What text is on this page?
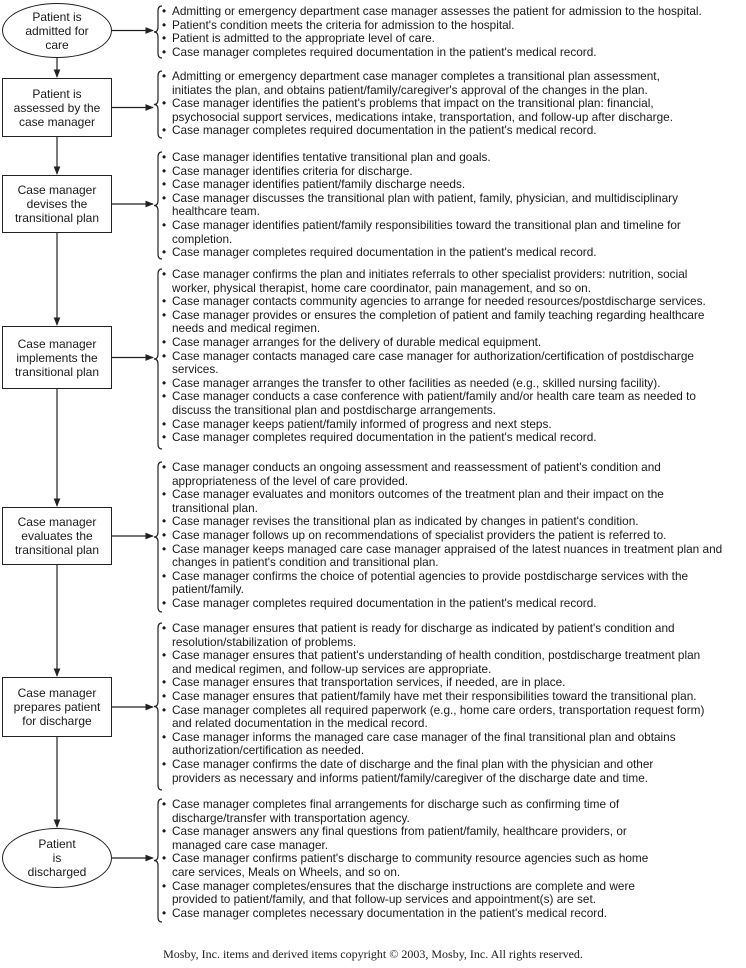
Patient is
admitted for
care
• Admitting or emergency department case manager assesses the patient for admission to the hospital.
• Patient's condition meets the criteria for admission to the hospital.
• Patient is admitted to the appropriate level of care.
• Case manager completes required documentation in the patient's medical record.
Patient is
assessed by the
case manager
• Admitting or emergency department case manager completes a transitional plan assessment,
initiates the plan, and obtains patient/family/caregiver's approval of the changes in the plan.
• Case manager identifies the patient's problems that impact on the transitional plan: financial,
psychosocial support services, medications intake, transportation, and follow-up after discharge.
• Case manager completes required documentation in the patient's medical record.
Case manager
devises the
transitional plan
• Case manager identifies tentative transitional plan and goals.
• Case manager identifies criteria for discharge.
• Case manager identifies patient/family discharge needs.
• Case manager discusses the transitional plan with patient, family, physician, and multidisciplinary
healthcare team.
• Case manager identifies patient/family responsibilities toward the transitional plan and timeline for
completion.
• Case manager completes required documentation in the patient's medical record.
Case manager
implements the
transitional plan
• Case manager confirms the plan and initiates referrals to other specialist providers: nutrition, social
worker, physical therapist, home care coordinator, pain management, and so on.
• Case manager contacts community agencies to arrange for needed resources/postdischarge services.
• Case manager provides or ensures the completion of patient and family teaching regarding healthcare
needs and medical regimen.
• Case manager arranges for the delivery of durable medical equipment.
• Case manager contacts managed care case manager for authorization/certification of postdischarge
services.
• Case manager arranges the transfer to other facilities as needed (e.g., skilled nursing facility).
• Case manager conducts a case conference with patient/family and/or health care team as needed to
discuss the transitional plan and postdischarge arrangements.
• Case manager keeps patient/family informed of progress and next steps.
• Case manager completes required documentation in the patient's medical record.
Case manager
evaluates the
transitional plan
• Case manager conducts an ongoing assessment and reassessment of patient's condition and
appropriateness of the level of care provided.
• Case manager evaluates and monitors outcomes of the treatment plan and their impact on the
transitional plan.
• Case manager revises the transitional plan as indicated by changes in patient's condition.
• Case manager follows up on recommendations of specialist providers the patient is referred to.
• Case manager keeps managed care case manager appraised of the latest nuances in treatment plan and
changes in patient's condition and transitional plan.
• Case manager confirms the choice of potential agencies to provide postdischarge services with the
patient/family.
• Case manager completes required documentation in the patient's medical record.
Case manager
prepares patient
for discharge
• Case manager ensures that patient is ready for discharge as indicated by patient's condition and
resolution/stabilization of problems.
• Case manager ensures that patient's understanding of health condition, postdischarge treatment plan
and medical regimen, and follow-up services are appropriate.
• Case manager ensures that transportation services, if needed, are in place.
• Case manager ensures that patient/family have met their responsibilities toward the transitional plan.
• Case manager completes all required paperwork (e.g., home care orders, transportation request form)
and related documentation in the medical record.
• Case manager informs the managed care case manager of the final transitional plan and obtains
authorization/certification as needed.
• Case manager confirms the date of discharge and the final plan with the physician and other
providers as necessary and informs patient/family/caregiver of the discharge date and time.
Patient
is
discharged
• Case manager completes final arrangements for discharge such as confirming time of
discharge/transfer with transportation agency.
• Case manager answers any final questions from patient/family, healthcare providers, or
managed care case manager.
• Case manager confirms patient's discharge to community resource agencies such as home
care services, Meals on Wheels, and so on.
• Case manager completes/ensures that the discharge instructions are complete and were
provided to patient/family, and that follow-up services and appointment(s) are set.
• Case manager completes necessary documentation in the patient's medical record.
Mosby, Inc. items and derived items copyright © 2003, Mosby, Inc. All rights reserved.
